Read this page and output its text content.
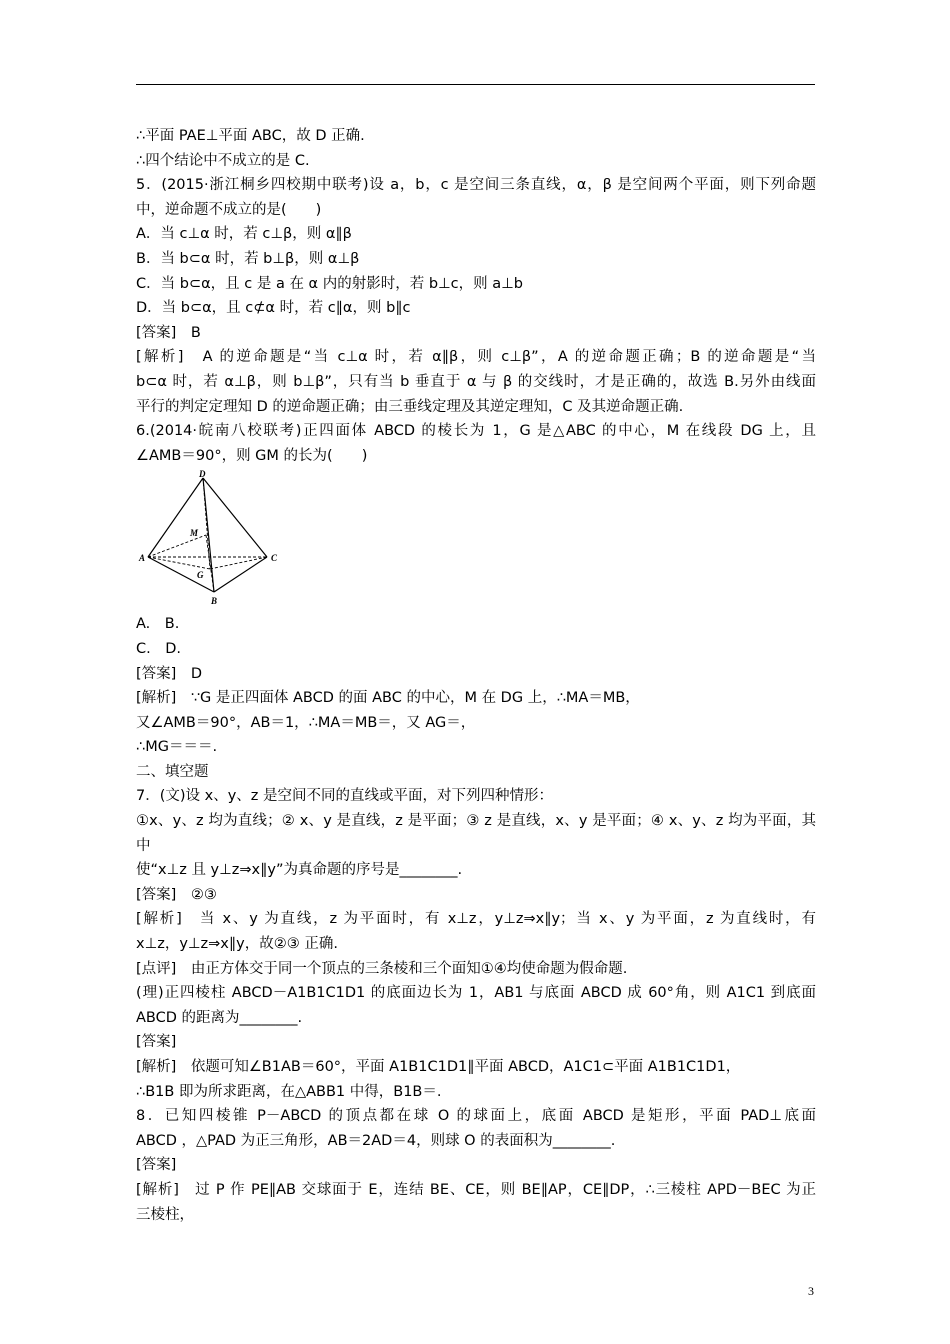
∴平面 PAE⊥平面 ABC，故 D 正确.
∴四个结论中不成立的是 C.
5．(2015·浙江桐乡四校期中联考)设 a，b，c 是空间三条直线，α，β 是空间两个平面，则下列命题
中，逆命题不成立的是(　　)
A．当 c⊥α 时，若 c⊥β，则 α∥β
B．当 b⊂α 时，若 b⊥β，则 α⊥β
C．当 b⊂α，且 c 是 a 在 α 内的射影时，若 b⊥c，则 a⊥b
D．当 b⊂α，且 c⊄α 时，若 c∥α，则 b∥c
[答案]　B
[解析]　A 的逆命题是“当 c⊥α 时，若 α∥β，则 c⊥β”，A 的逆命题正确；B 的逆命题是“当
b⊂α 时，若 α⊥β，则 b⊥β”，只有当 b 垂直于 α 与 β 的交线时，才是正确的，故选 B.另外由线面
平行的判定定理知 D 的逆命题正确；由三垂线定理及其逆定理知，C 及其逆命题正确.
6.(2014·皖南八校联考)正四面体 ABCD 的棱长为 1，G 是△ABC 的中心，M 在线段 DG 上，且
∠AMB＝90°，则 GM 的长为(　　)
D
M
A	C
G
B
A.　B.
C.　D.
[答案]　D
[解析]　∵G 是正四面体 ABCD 的面 ABC 的中心，M 在 DG 上，∴MA＝MB，
又∠AMB＝90°，AB＝1，∴MA＝MB＝，又 AG＝，
∴MG＝＝＝.
二、填空题
7．(文)设 x、y、z 是空间不同的直线或平面，对下列四种情形：
①x、y、z 均为直线；② x、y 是直线，z 是平面；③ z 是直线，x、y 是平面；④ x、y、z 均为平面，其中
使“x⊥z 且 y⊥z⇒x∥y”为真命题的序号是________.
[答案]　②③
[解析]　当 x、y 为直线，z 为平面时，有 x⊥z，y⊥z⇒x∥y；当 x、y 为平面，z 为直线时，有
x⊥z，y⊥z⇒x∥y，故②③ 正确.
[点评]　由正方体交于同一个顶点的三条棱和三个面知①④均使命题为假命题.
(理)正四棱柱 ABCD－A1B1C1D1 的底面边长为 1，AB1 与底面 ABCD 成 60°角，则 A1C1 到底面
ABCD 的距离为________.
[答案]
[解析]　依题可知∠B1AB＝60°，平面 A1B1C1D1∥平面 ABCD，A1C1⊂平面 A1B1C1D1，
∴B1B 即为所求距离，在△ABB1 中得，B1B＝.
8．已知四棱锥 P－ABCD 的顶点都在球 O 的球面上，底面 ABCD 是矩形，平面 PAD⊥底面
ABCD ，△PAD 为正三角形，AB＝2AD＝4，则球 O 的表面积为________.
[答案]
[解析]　过 P 作 PE∥AB 交球面于 E，连结 BE、CE，则 BE∥AP，CE∥DP，∴三棱柱 APD－BEC 为正
三棱柱，
3
